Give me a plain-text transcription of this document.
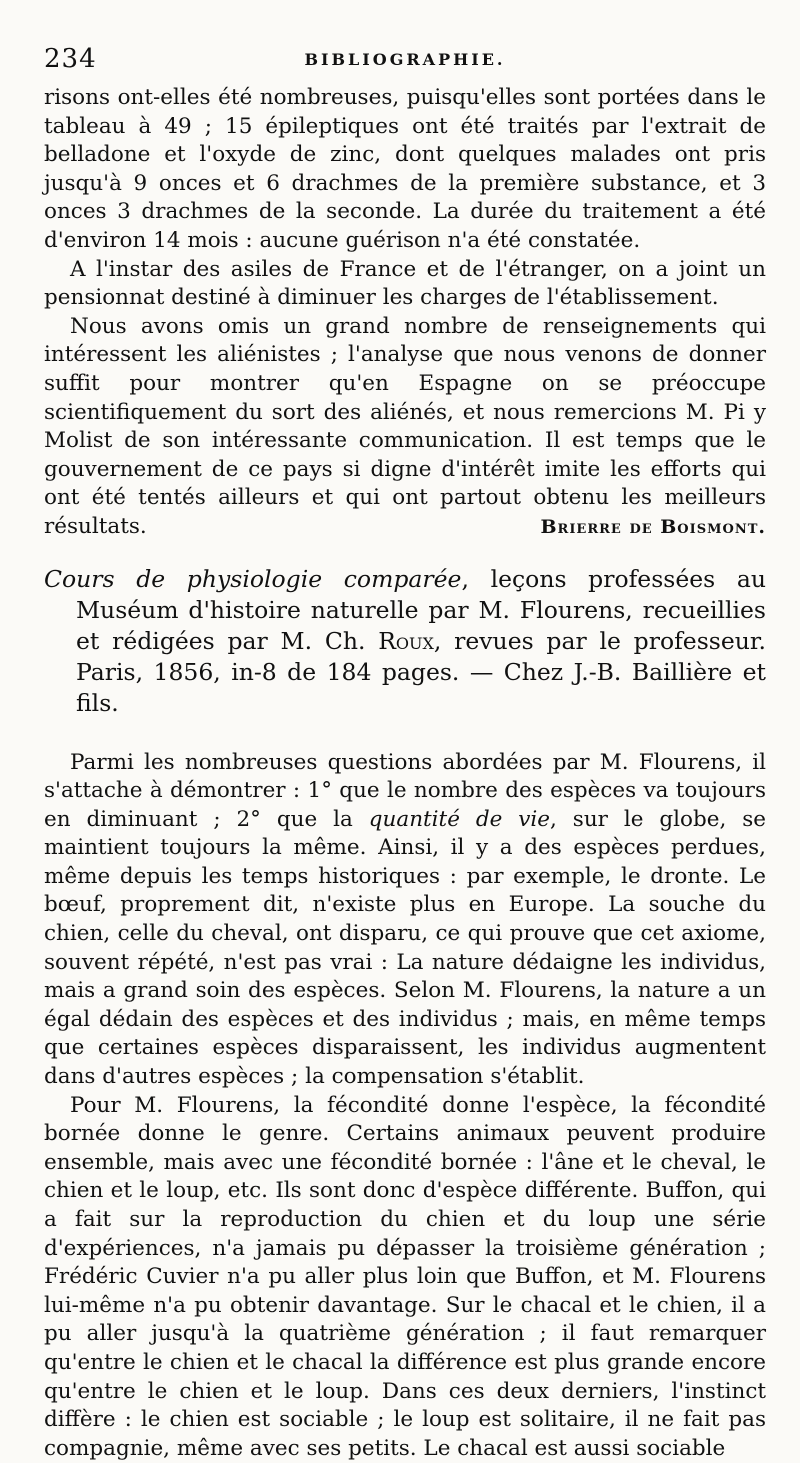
234	BIBLIOGRAPHIE.

risons ont-elles été nombreuses, puisqu'elles sont portées dans le tableau à 49 ; 15 épileptiques ont été traités par l'extrait de belladone et l'oxyde de zinc, dont quelques malades ont pris jusqu'à 9 onces et 6 drachmes de la première substance, et 3 onces 3 drachmes de la seconde. La durée du traitement a été d'environ 14 mois : aucune guérison n'a été constatée.

A l'instar des asiles de France et de l'étranger, on a joint un pensionnat destiné à diminuer les charges de l'établissement.

Nous avons omis un grand nombre de renseignements qui intéressent les aliénistes ; l'analyse que nous venons de donner suffit pour montrer qu'en Espagne on se préoccupe scientifiquement du sort des aliénés, et nous remercions M. Pi y Molist de son intéressante communication. Il est temps que le gouvernement de ce pays si digne d'intérêt imite les efforts qui ont été tentés ailleurs et qui ont partout obtenu les meilleurs résultats.	Brierre de Boismont.

Cours de physiologie comparée, leçons professées au Muséum d'histoire naturelle par M. Flourens, recueillies et rédigées par M. Ch. Roux, revues par le professeur. Paris, 1856, in-8 de 184 pages. — Chez J.-B. Baillière et fils.

Parmi les nombreuses questions abordées par M. Flourens, il s'attache à démontrer : 1° que le nombre des espèces va toujours en diminuant ; 2° que la quantité de vie, sur le globe, se maintient toujours la même. Ainsi, il y a des espèces perdues, même depuis les temps historiques : par exemple, le dronte. Le bœuf, proprement dit, n'existe plus en Europe. La souche du chien, celle du cheval, ont disparu, ce qui prouve que cet axiome, souvent répété, n'est pas vrai : La nature dédaigne les individus, mais a grand soin des espèces. Selon M. Flourens, la nature a un égal dédain des espèces et des individus ; mais, en même temps que certaines espèces disparaissent, les individus augmentent dans d'autres espèces ; la compensation s'établit.

Pour M. Flourens, la fécondité donne l'espèce, la fécondité bornée donne le genre. Certains animaux peuvent produire ensemble, mais avec une fécondité bornée : l'âne et le cheval, le chien et le loup, etc. Ils sont donc d'espèce différente. Buffon, qui a fait sur la reproduction du chien et du loup une série d'expériences, n'a jamais pu dépasser la troisième génération ; Frédéric Cuvier n'a pu aller plus loin que Buffon, et M. Flourens lui-même n'a pu obtenir davantage. Sur le chacal et le chien, il a pu aller jusqu'à la quatrième génération ; il faut remarquer qu'entre le chien et le chacal la différence est plus grande encore qu'entre le chien et le loup. Dans ces deux derniers, l'instinct diffère : le chien est sociable ; le loup est solitaire, il ne fait pas compagnie, même avec ses petits. Le chacal est aussi sociable
